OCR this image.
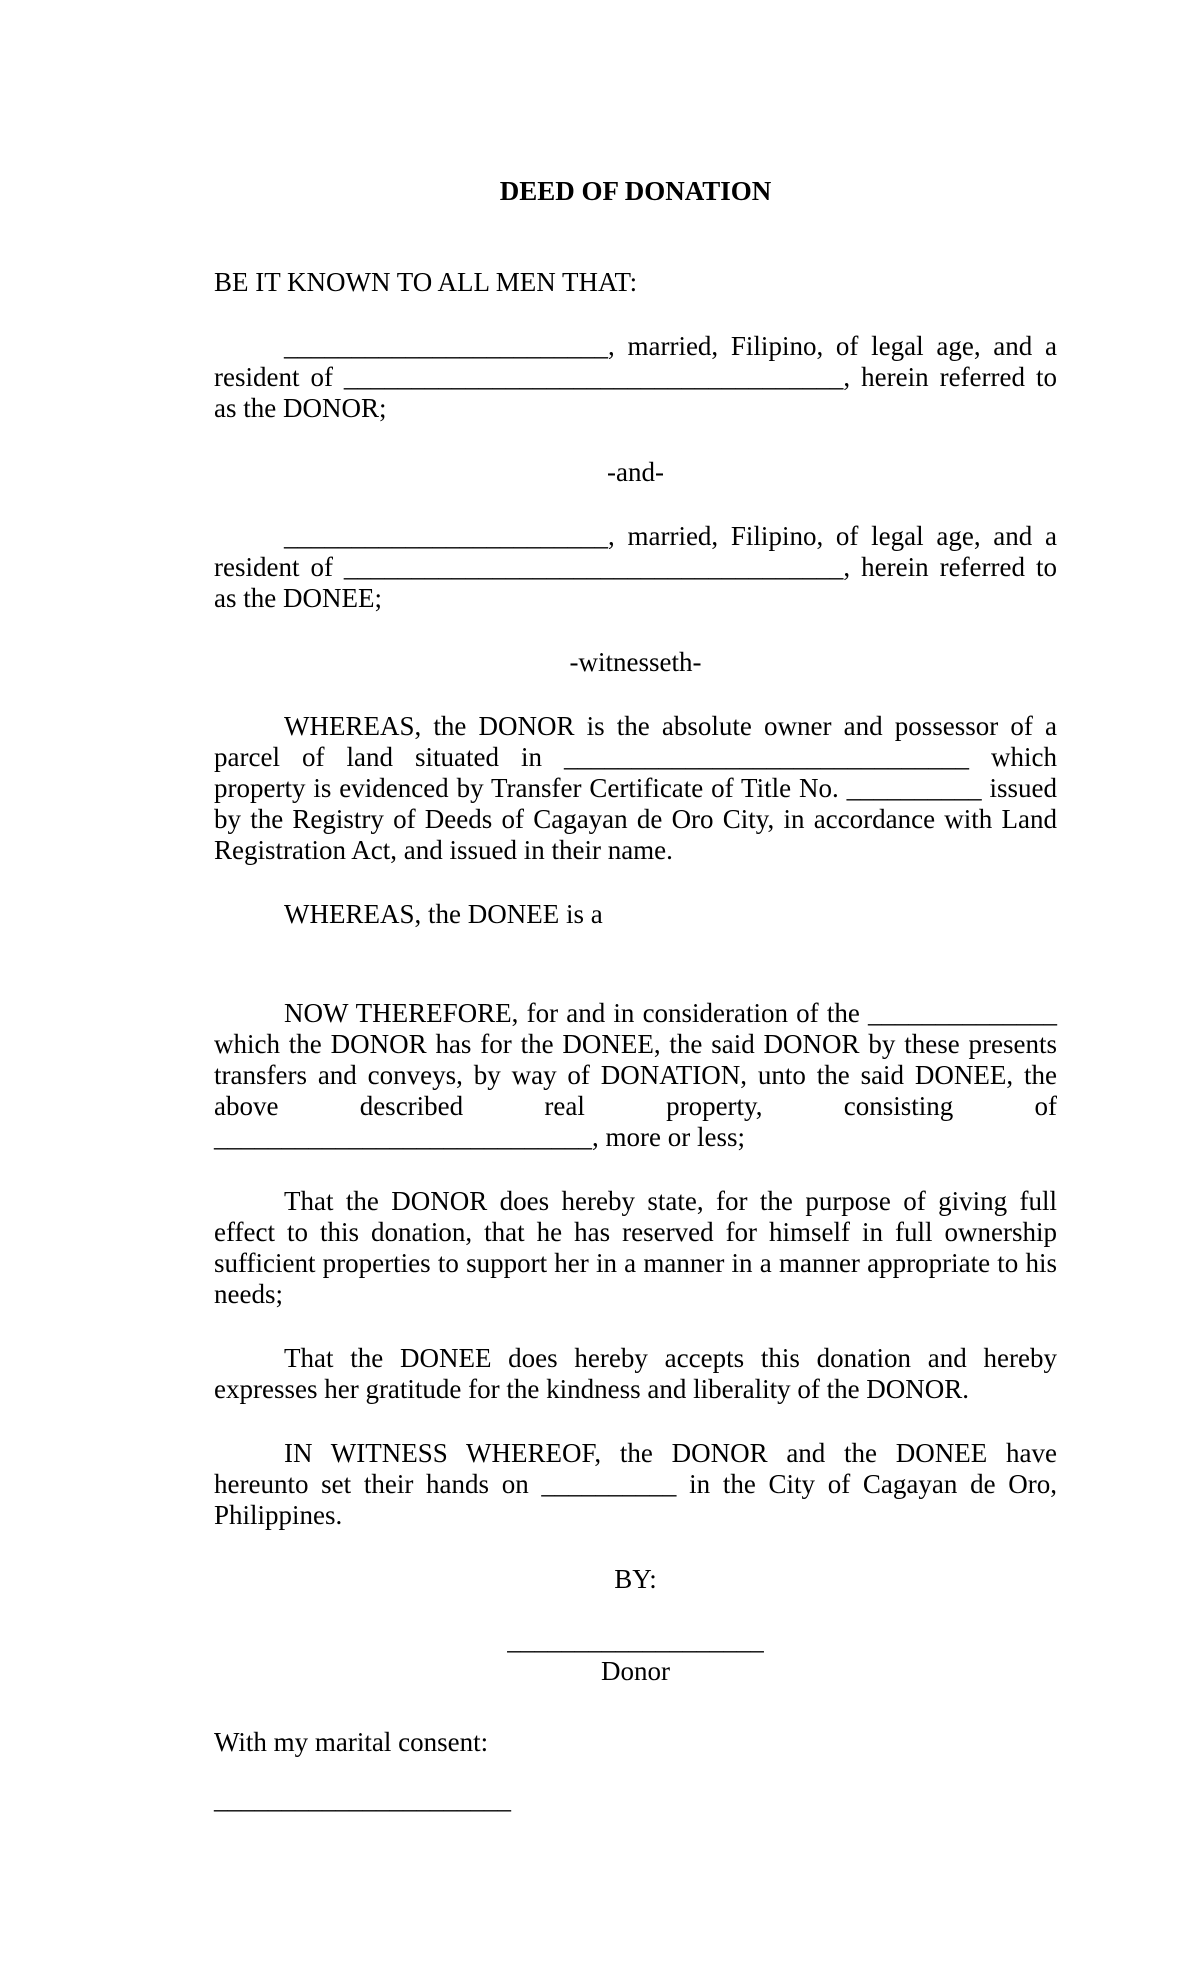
DEED OF DONATION

BE IT KNOWN TO ALL MEN THAT:

________________________, married, Filipino, of legal age, and a resident of _____________________________________, herein referred to as the DONOR;

-and-

________________________, married, Filipino, of legal age, and a resident of _____________________________________, herein referred to as the DONEE;

-witnesseth-

WHEREAS, the DONOR is the absolute owner and possessor of a parcel of land situated in ______________________________ which property is evidenced by Transfer Certificate of Title No. __________ issued by the Registry of Deeds of Cagayan de Oro City, in accordance with Land Registration Act, and issued in their name.

WHEREAS, the DONEE is a

NOW THEREFORE, for and in consideration of the ______________ which the DONOR has for the DONEE, the said DONOR by these presents transfers and conveys, by way of DONATION, unto the said DONEE, the above described real property, consisting of ____________________________, more or less;

That the DONOR does hereby state, for the purpose of giving full effect to this donation, that he has reserved for himself in full ownership sufficient properties to support her in a manner in a manner appropriate to his needs;

That the DONEE does hereby accepts this donation and hereby expresses her gratitude for the kindness and liberality of the DONOR.

IN WITNESS WHEREOF, the DONOR and the DONEE have hereunto set their hands on __________ in the City of Cagayan de Oro, Philippines.

BY:

___________________

Donor

With my marital consent:

______________________
